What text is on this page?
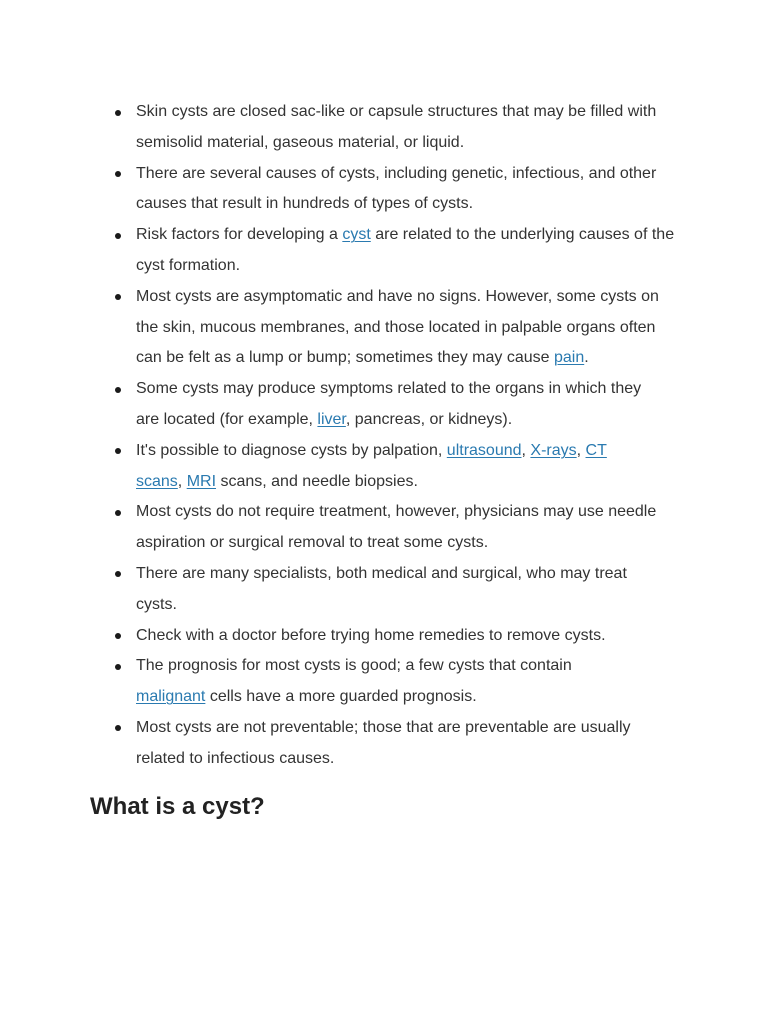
Skin cysts are closed sac-like or capsule structures that may be filled with semisolid material, gaseous material, or liquid.
There are several causes of cysts, including genetic, infectious, and other causes that result in hundreds of types of cysts.
Risk factors for developing a cyst are related to the underlying causes of the cyst formation.
Most cysts are asymptomatic and have no signs. However, some cysts on the skin, mucous membranes, and those located in palpable organs often can be felt as a lump or bump; sometimes they may cause pain.
Some cysts may produce symptoms related to the organs in which they are located (for example, liver, pancreas, or kidneys).
It's possible to diagnose cysts by palpation, ultrasound, X-rays, CT scans, MRI scans, and needle biopsies.
Most cysts do not require treatment, however, physicians may use needle aspiration or surgical removal to treat some cysts.
There are many specialists, both medical and surgical, who may treat cysts.
Check with a doctor before trying home remedies to remove cysts.
The prognosis for most cysts is good; a few cysts that contain malignant cells have a more guarded prognosis.
Most cysts are not preventable; those that are preventable are usually related to infectious causes.
What is a cyst?
